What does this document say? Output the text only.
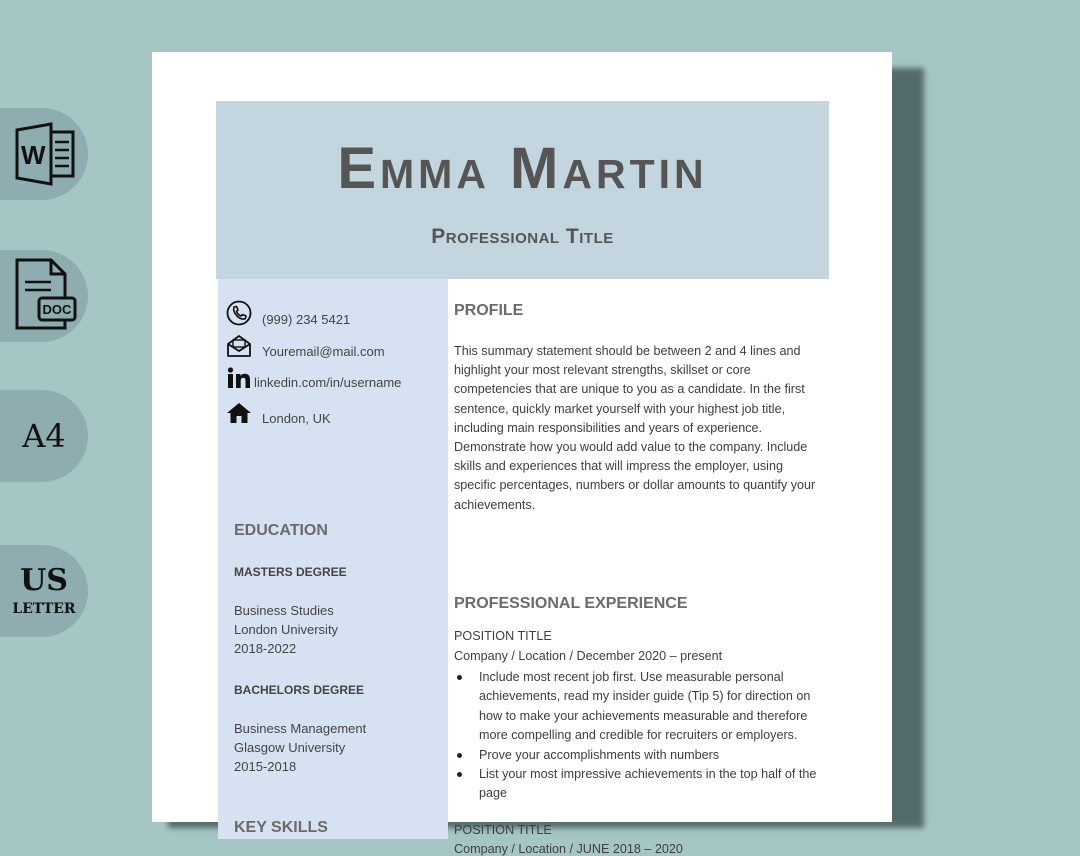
W
DOC
A4
US
LETTER
Emma Martin
Professional Title
(999) 234 5421
Youremail@mail.com
linkedin.com/in/username
London, UK
EDUCATION
MASTERS DEGREE
Business Studies
London University
2018-2022
BACHELORS DEGREE
Business Management
Glasgow University
2015-2018
KEY SKILLS
PROFILE
This summary statement should be between 2 and 4 lines and
highlight your most relevant strengths, skillset or core
competencies that are unique to you as a candidate. In the first
sentence, quickly market yourself with your highest job title,
including main responsibilities and years of experience.
Demonstrate how you would add value to the company. Include
skills and experiences that will impress the employer, using
specific percentages, numbers or dollar amounts to quantify your
achievements.
PROFESSIONAL EXPERIENCE
POSITION TITLE
Company / Location / December 2020 – present
Include most recent job first. Use measurable personal achievements, read my insider guide (Tip 5) for direction on how to make your achievements measurable and therefore more compelling and credible for recruiters or employers.
Prove your accomplishments with numbers
List your most impressive achievements in the top half of the page
POSITION TITLE
Company / Location / JUNE 2018 – 2020
